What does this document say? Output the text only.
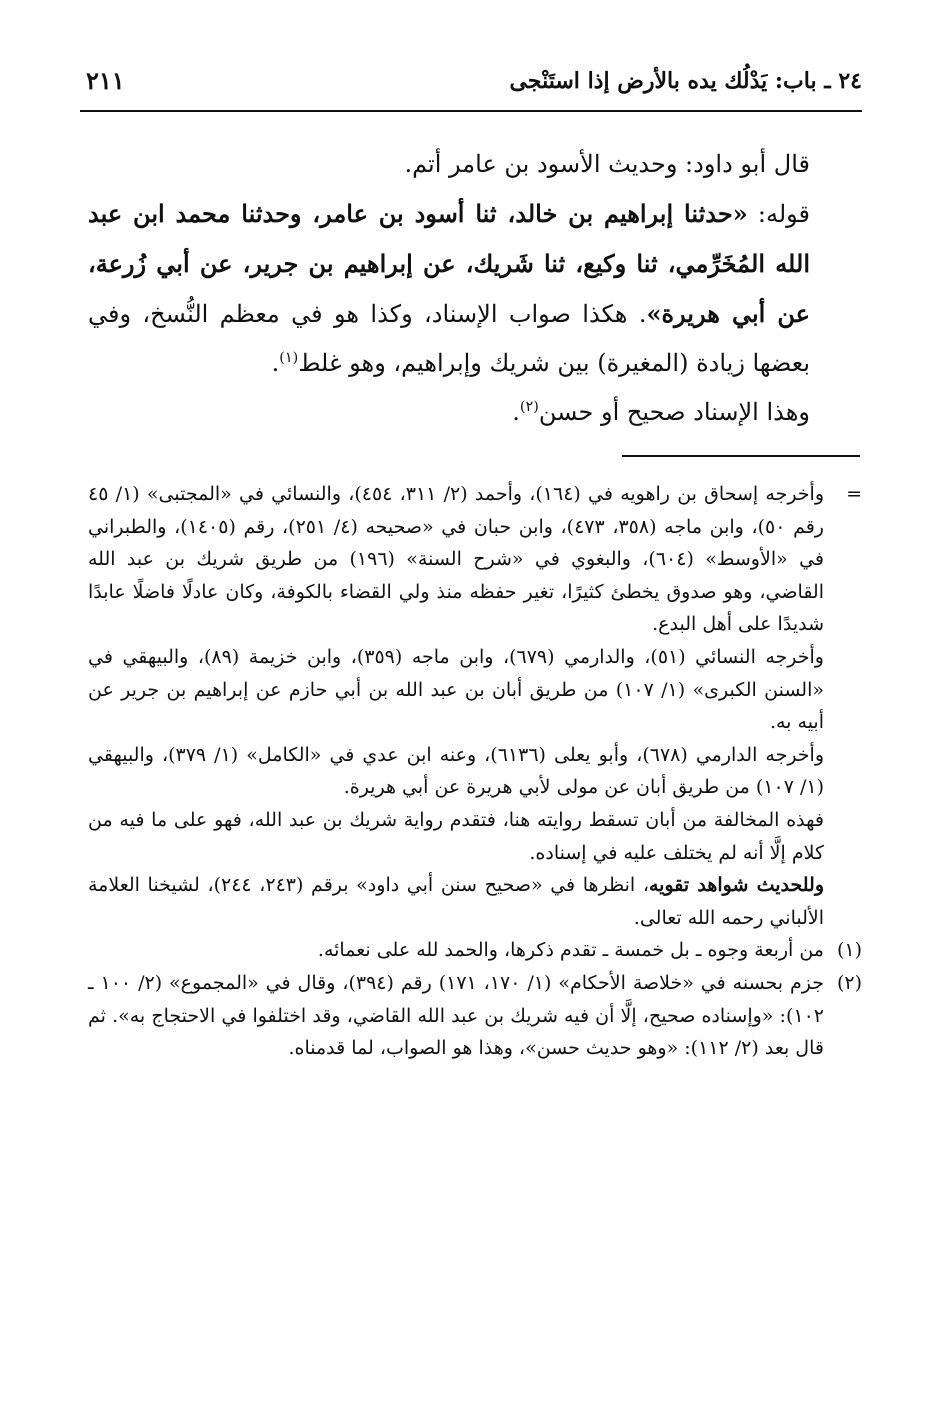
٢٤ ـ باب: يَدْلُك يده بالأرض إذا استَنْجى
٢١١

قال أبو داود: وحديث الأسود بن عامر أتم.

قوله: «حدثنا إبراهيم بن خالد، ثنا أسود بن عامر، وحدثنا محمد ابن عبد الله المُخَرِّمي، ثنا وكيع، ثنا شَريك، عن إبراهيم بن جرير، عن أبي زُرعة، عن أبي هريرة». هكذا صواب الإسناد، وكذا هو في معظم النُّسخ، وفي بعضها زيادة (المغيرة) بين شريك وإبراهيم، وهو غلط$^{(١)}$.

وهذا الإسناد صحيح أو حسن$^{(٢)}$.

=
وأخرجه إسحاق بن راهويه في (١٦٤)، وأحمد (٢/ ٣١١، ٤٥٤)، والنسائي في «المجتبى» (١/ ٤٥ رقم ٥٠)، وابن ماجه (٣٥٨، ٤٧٣)، وابن حبان في «صحيحه (٤/ ٢٥١)، رقم (١٤٠٥)، والطبراني في «الأوسط» (٦٠٤)، والبغوي في «شرح السنة» (١٩٦) من طريق شريك بن عبد الله القاضي، وهو صدوق يخطئ كثيرًا، تغير حفظه منذ ولي القضاء بالكوفة، وكان عادلًا فاضلًا عابدًا شديدًا على أهل البدع.

وأخرجه النسائي (٥١)، والدارمي (٦٧٩)، وابن ماجه (٣٥٩)، وابن خزيمة (٨٩)، والبيهقي في «السنن الكبرى» (١/ ١٠٧) من طريق أبان بن عبد الله بن أبي حازم عن إبراهيم بن جرير عن أبيه به.

وأخرجه الدارمي (٦٧٨)، وأبو يعلى (٦١٣٦)، وعنه ابن عدي في «الكامل» (١/ ٣٧٩)، والبيهقي (١/ ١٠٧) من طريق أبان عن مولى لأبي هريرة عن أبي هريرة.

فهذه المخالفة من أبان تسقط روايته هنا، فتقدم رواية شريك بن عبد الله، فهو على ما فيه من كلام إلَّا أنه لم يختلف عليه في إسناده.

وللحديث شواهد تقويه، انظرها في «صحيح سنن أبي داود» برقم (٢٤٣، ٢٤٤)، لشيخنا العلامة الألباني رحمه الله تعالى.

(١)
من أربعة وجوه ـ بل خمسة ـ تقدم ذكرها، والحمد لله على نعمائه.

(٢)
جزم بحسنه في «خلاصة الأحكام» (١/ ١٧٠، ١٧١) رقم (٣٩٤)، وقال في «المجموع» (٢/ ١٠٠ ـ ١٠٢): «وإسناده صحيح، إلَّا أن فيه شريك بن عبد الله القاضي، وقد اختلفوا في الاحتجاج به». ثم قال بعد (٢/ ١١٢): «وهو حديث حسن»، وهذا هو الصواب، لما قدمناه.
